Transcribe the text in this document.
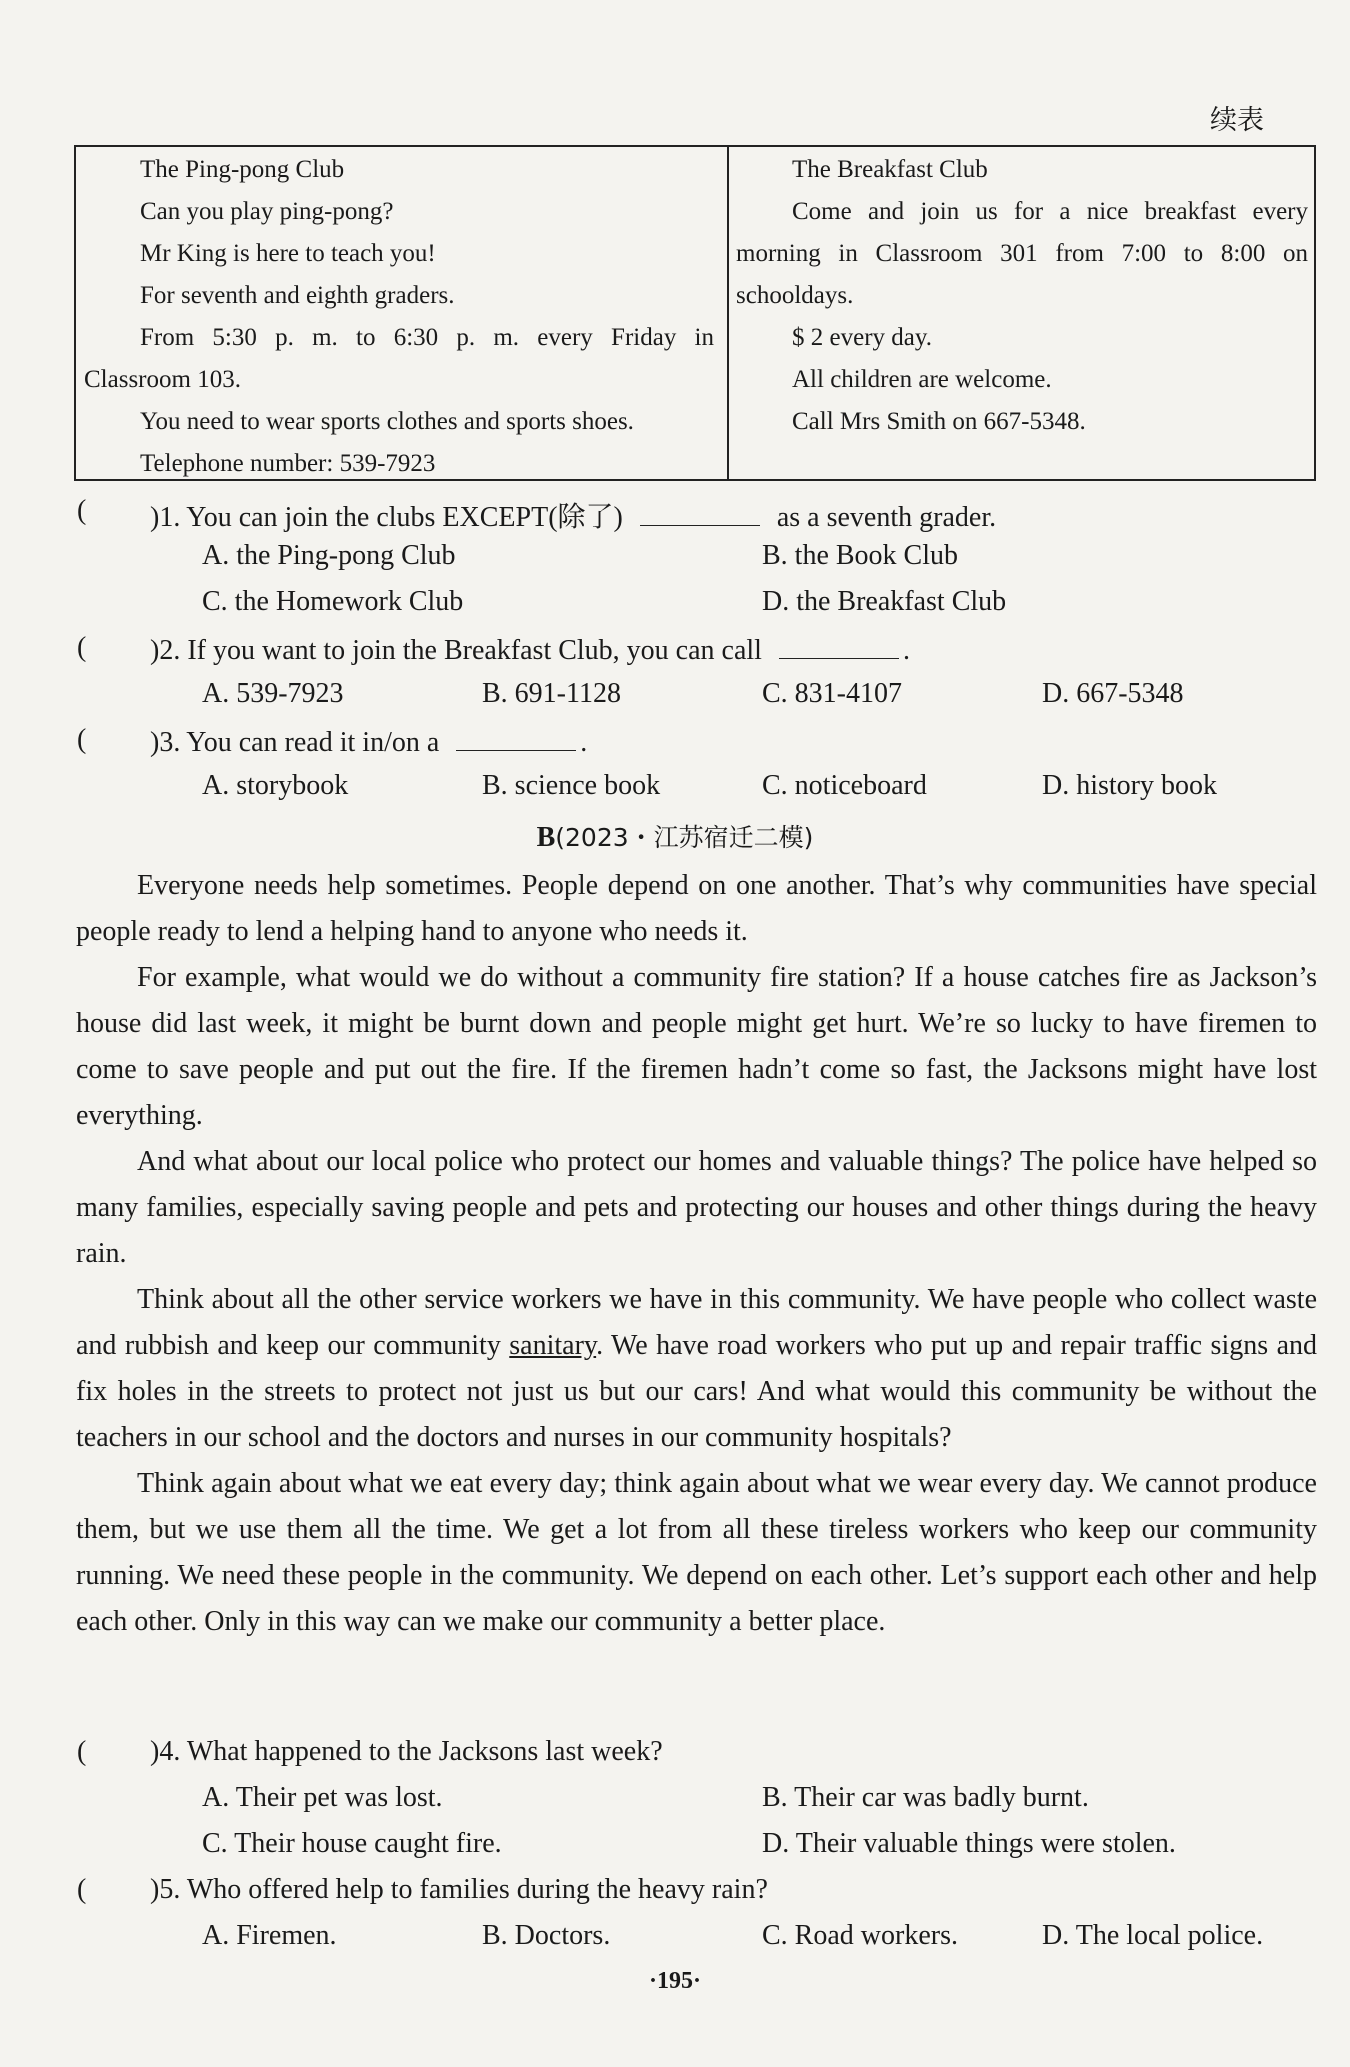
续表

The Ping-pong Club

Can you play ping-pong?

Mr King is here to teach you!

For seventh and eighth graders.

From 5:30 p. m. to 6:30 p. m. every Friday in

Classroom 103.

You need to wear sports clothes and sports shoes.

Telephone number: 539-7923

The Breakfast Club

Come and join us for a nice breakfast every

morning in Classroom 301 from 7:00 to 8:00 on

schooldays.

$ 2 every day.

All children are welcome.

Call Mrs Smith on 667-5348.

( )1. You can join the clubs EXCEPT(除了)	as a seventh grader.
A. the Ping-pong Club	B. the Book Club
C. the Homework Club	D. the Breakfast Club
( )2. If you want to join the Breakfast Club, you can call	.
A. 539-7923	B. 691-1128	C. 831-4107	D. 667-5348
( )3. You can read it in/on a	.
A. storybook	B. science book	C. noticeboard	D. history book
B(2023・江苏宿迁二模)

Everyone needs help sometimes. People depend on one another. That’s why communities have special people ready to lend a helping hand to anyone who needs it.

For example, what would we do without a community fire station? If a house catches fire as Jackson’s house did last week, it might be burnt down and people might get hurt. We’re so lucky to have firemen to come to save people and put out the fire. If the firemen hadn’t come so fast, the Jacksons might have lost everything.

And what about our local police who protect our homes and valuable things? The police have helped so many families, especially saving people and pets and protecting our houses and other things during the heavy rain.

Think about all the other service workers we have in this community. We have people who collect waste and rubbish and keep our community sanitary. We have road workers who put up and repair traffic signs and fix holes in the streets to protect not just us but our cars! And what would this community be without the teachers in our school and the doctors and nurses in our community hospitals?

Think again about what we eat every day; think again about what we wear every day. We cannot produce them, but we use them all the time. We get a lot from all these tireless workers who keep our community running. We need these people in the community. We depend on each other. Let’s support each other and help each other. Only in this way can we make our community a better place.

( )4. What happened to the Jacksons last week?
A. Their pet was lost.	B. Their car was badly burnt.
C. Their house caught fire.	D. Their valuable things were stolen.
( )5. Who offered help to families during the heavy rain?
A. Firemen.	B. Doctors.	C. Road workers.	D. The local police.
·195·
